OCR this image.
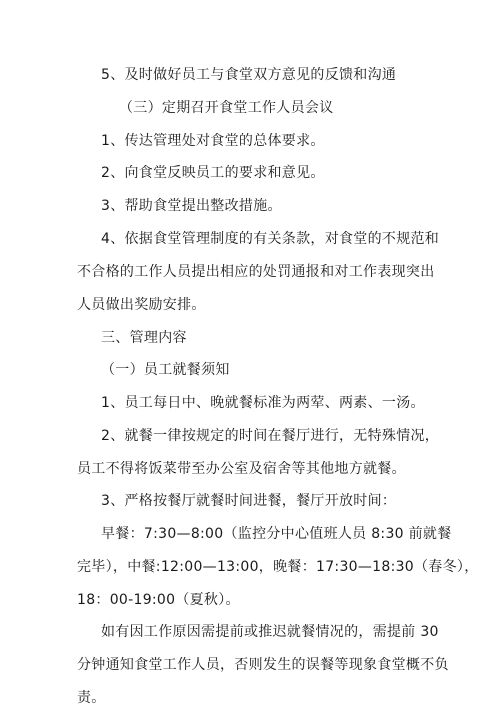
5、及时做好员工与食堂双方意见的反馈和沟通
（三）定期召开食堂工作人员会议
1、传达管理处对食堂的总体要求。
2、向食堂反映员工的要求和意见。
3、帮助食堂提出整改措施。
4、依据食堂管理制度的有关条款，对食堂的不规范和
不合格的工作人员提出相应的处罚通报和对工作表现突出
人员做出奖励安排。
三、管理内容
（一）员工就餐须知
1、员工每日中、晚就餐标准为两荤、两素、一汤。
2、就餐一律按规定的时间在餐厅进行，无特殊情况，
员工不得将饭菜带至办公室及宿舍等其他地方就餐。
3、严格按餐厅就餐时间进餐，餐厅开放时间：
早餐：7:30—8:00（监控分中心值班人员 8:30 前就餐
完毕），中餐:12:00—13:00，晚餐：17:30—18:30（春冬），
18：00-19:00（夏秋）。
如有因工作原因需提前或推迟就餐情况的，需提前 30
分钟通知食堂工作人员，否则发生的误餐等现象食堂概不负
责。
